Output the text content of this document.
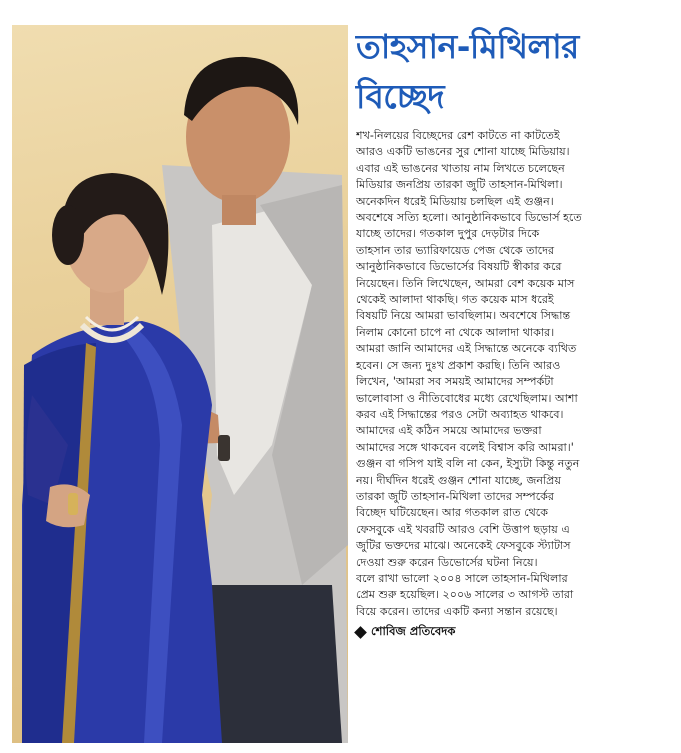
তাহসান-মিথিলার
বিচ্ছেদ
শখ-নিলয়ের বিচ্ছেদের রেশ কাটতে না কাটতেই
আরও একটি ভাঙনের সুর শোনা যাচ্ছে মিডিয়ায়।
এবার এই ভাঙনের খাতায় নাম লিখতে চলেছেন
মিডিয়ার জনপ্রিয় তারকা জুটি তাহসান-মিথিলা।
অনেকদিন ধরেই মিডিয়ায় চলছিল এই গুঞ্জন।
অবশেষে সত্যি হলো। আনুষ্ঠানিকভাবে ডিভোর্স হতে
যাচ্ছে তাদের। গতকাল দুপুর দেড়টার দিকে
তাহসান তার ভ্যারিফায়েড পেজ থেকে তাদের
আনুষ্ঠানিকভাবে ডিভোর্সের বিষয়টি স্বীকার করে
নিয়েছেন। তিনি লিখেছেন, আমরা বেশ কয়েক মাস
থেকেই আলাদা থাকছি। গত কয়েক মাস ধরেই
বিষয়টি নিয়ে আমরা ভাবছিলাম। অবশেষে সিদ্ধান্ত
নিলাম কোনো চাপে না থেকে আলাদা থাকার।
আমরা জানি আমাদের এই সিদ্ধান্তে অনেকে ব্যথিত
হবেন। সে জন্য দুঃখ প্রকাশ করছি। তিনি আরও
লিখেন, 'আমরা সব সময়ই আমাদের সম্পর্কটা
ভালোবাসা ও নীতিবোধের মধ্যে রেখেছিলাম। আশা
করব এই সিদ্ধান্তের পরও সেটা অব্যাহত থাকবে।
আমাদের এই কঠিন সময়ে আমাদের ভক্তরা
আমাদের সঙ্গে থাকবেন বলেই বিশ্বাস করি আমরা।'
গুঞ্জন বা গসিপ যাই বলি না কেন, ইস্যুটা কিন্তু নতুন
নয়। দীর্ঘদিন ধরেই গুঞ্জন শোনা যাচ্ছে, জনপ্রিয়
তারকা জুটি তাহসান-মিথিলা তাদের সম্পর্কের
বিচ্ছেদ ঘটিয়েছেন। আর গতকাল রাত থেকে
ফেসবুকে এই খবরটি আরও বেশি উত্তাপ ছড়ায় এ
জুটির ভক্তদের মাঝে। অনেকেই ফেসবুকে স্ট্যাটাস
দেওয়া শুরু করেন ডিভোর্সের ঘটনা নিয়ে।
বলে রাখা ভালো ২০০৪ সালে তাহসান-মিথিলার
প্রেম শুরু হয়েছিল। ২০০৬ সালের ৩ আগস্ট তারা
বিয়ে করেন। তাদের একটি কন্যা সন্তান রয়েছে।
শোবিজ প্রতিবেদক
